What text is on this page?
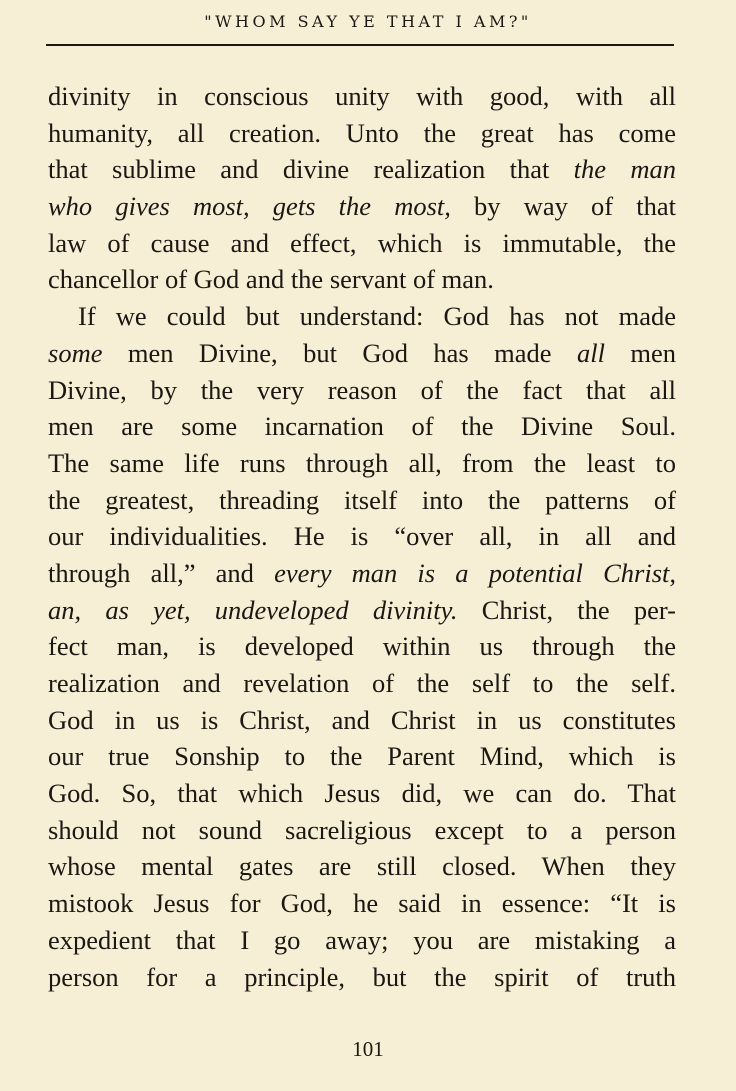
"WHOM SAY YE THAT I AM?"
divinity in conscious unity with good, with all
humanity, all creation. Unto the great has come
that sublime and divine realization that the man
who gives most, gets the most, by way of that
law of cause and effect, which is immutable, the
chancellor of God and the servant of man.
If we could but understand: God has not made
some men Divine, but God has made all men
Divine, by the very reason of the fact that all
men are some incarnation of the Divine Soul.
The same life runs through all, from the least to
the greatest, threading itself into the patterns of
our individualities. He is “over all, in all and
through all,” and every man is a potential Christ,
an, as yet, undeveloped divinity. Christ, the per-
fect man, is developed within us through the
realization and revelation of the self to the self.
God in us is Christ, and Christ in us constitutes
our true Sonship to the Parent Mind, which is
God. So, that which Jesus did, we can do. That
should not sound sacreligious except to a person
whose mental gates are still closed. When they
mistook Jesus for God, he said in essence: “It is
expedient that I go away; you are mistaking a
person for a principle, but the spirit of truth
101
